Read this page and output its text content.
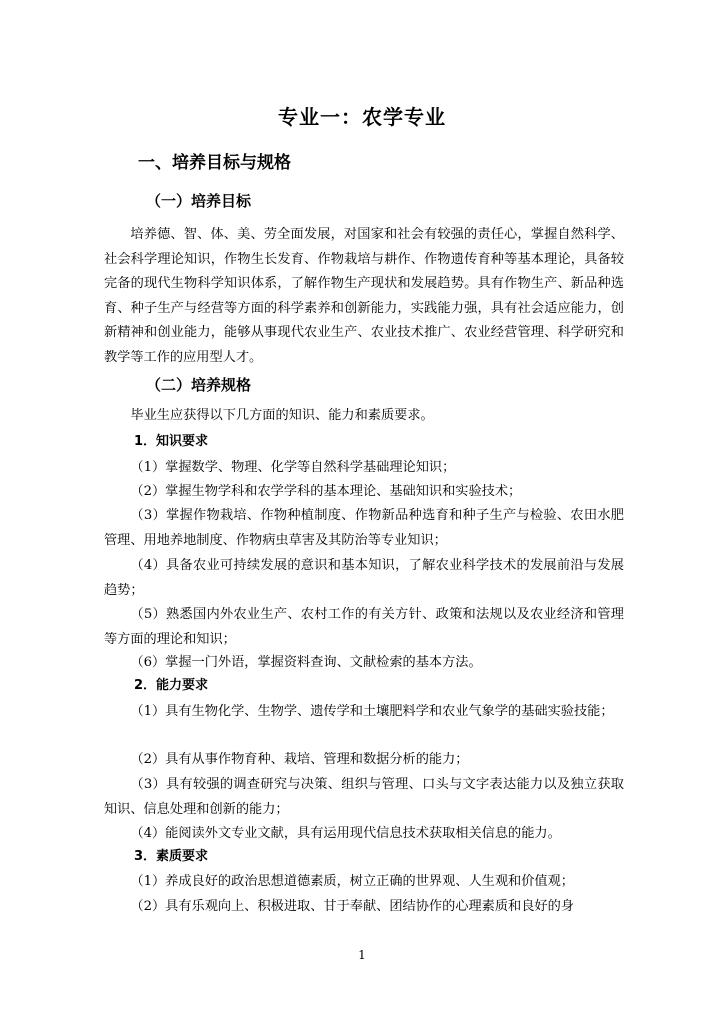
专业一：农学专业
一、培养目标与规格
（一）培养目标

培养德、智、体、美、劳全面发展，对国家和社会有较强的责任心，掌握自然科学、社会科学理论知识，作物生长发育、作物栽培与耕作、作物遗传育种等基本理论，具备较完备的现代生物科学知识体系，了解作物生产现状和发展趋势。具有作物生产、新品种选育、种子生产与经营等方面的科学素养和创新能力，实践能力强，具有社会适应能力，创新精神和创业能力，能够从事现代农业生产、农业技术推广、农业经营管理、科学研究和教学等工作的应用型人才。

（二）培养规格
毕业生应获得以下几方面的知识、能力和素质要求。
1．知识要求
（1）掌握数学、物理、化学等自然科学基础理论知识；
（2）掌握生物学科和农学学科的基本理论、基础知识和实验技术；

（3）掌握作物栽培、作物种植制度、作物新品种选育和种子生产与检验、农田水肥管理、用地养地制度、作物病虫草害及其防治等专业知识；

（4）具备农业可持续发展的意识和基本知识，了解农业科学技术的发展前沿与发展趋势；

（5）熟悉国内外农业生产、农村工作的有关方针、政策和法规以及农业经济和管理等方面的理论和知识；

（6）掌握一门外语，掌握资料查询、文献检索的基本方法。
2．能力要求

（1）具有生物化学、生物学、遗传学和土壤肥料学和农业气象学的基础实验技能；

（2）具有从事作物育种、栽培、管理和数据分析的能力；

（3）具有较强的调查研究与决策、组织与管理、口头与文字表达能力以及独立获取知识、信息处理和创新的能力；

（4）能阅读外文专业文献，具有运用现代信息技术获取相关信息的能力。
3．素质要求
（1）养成良好的政治思想道德素质，树立正确的世界观、人生观和价值观；
（2）具有乐观向上、积极进取、甘于奉献、团结协作的心理素质和良好的身
1
